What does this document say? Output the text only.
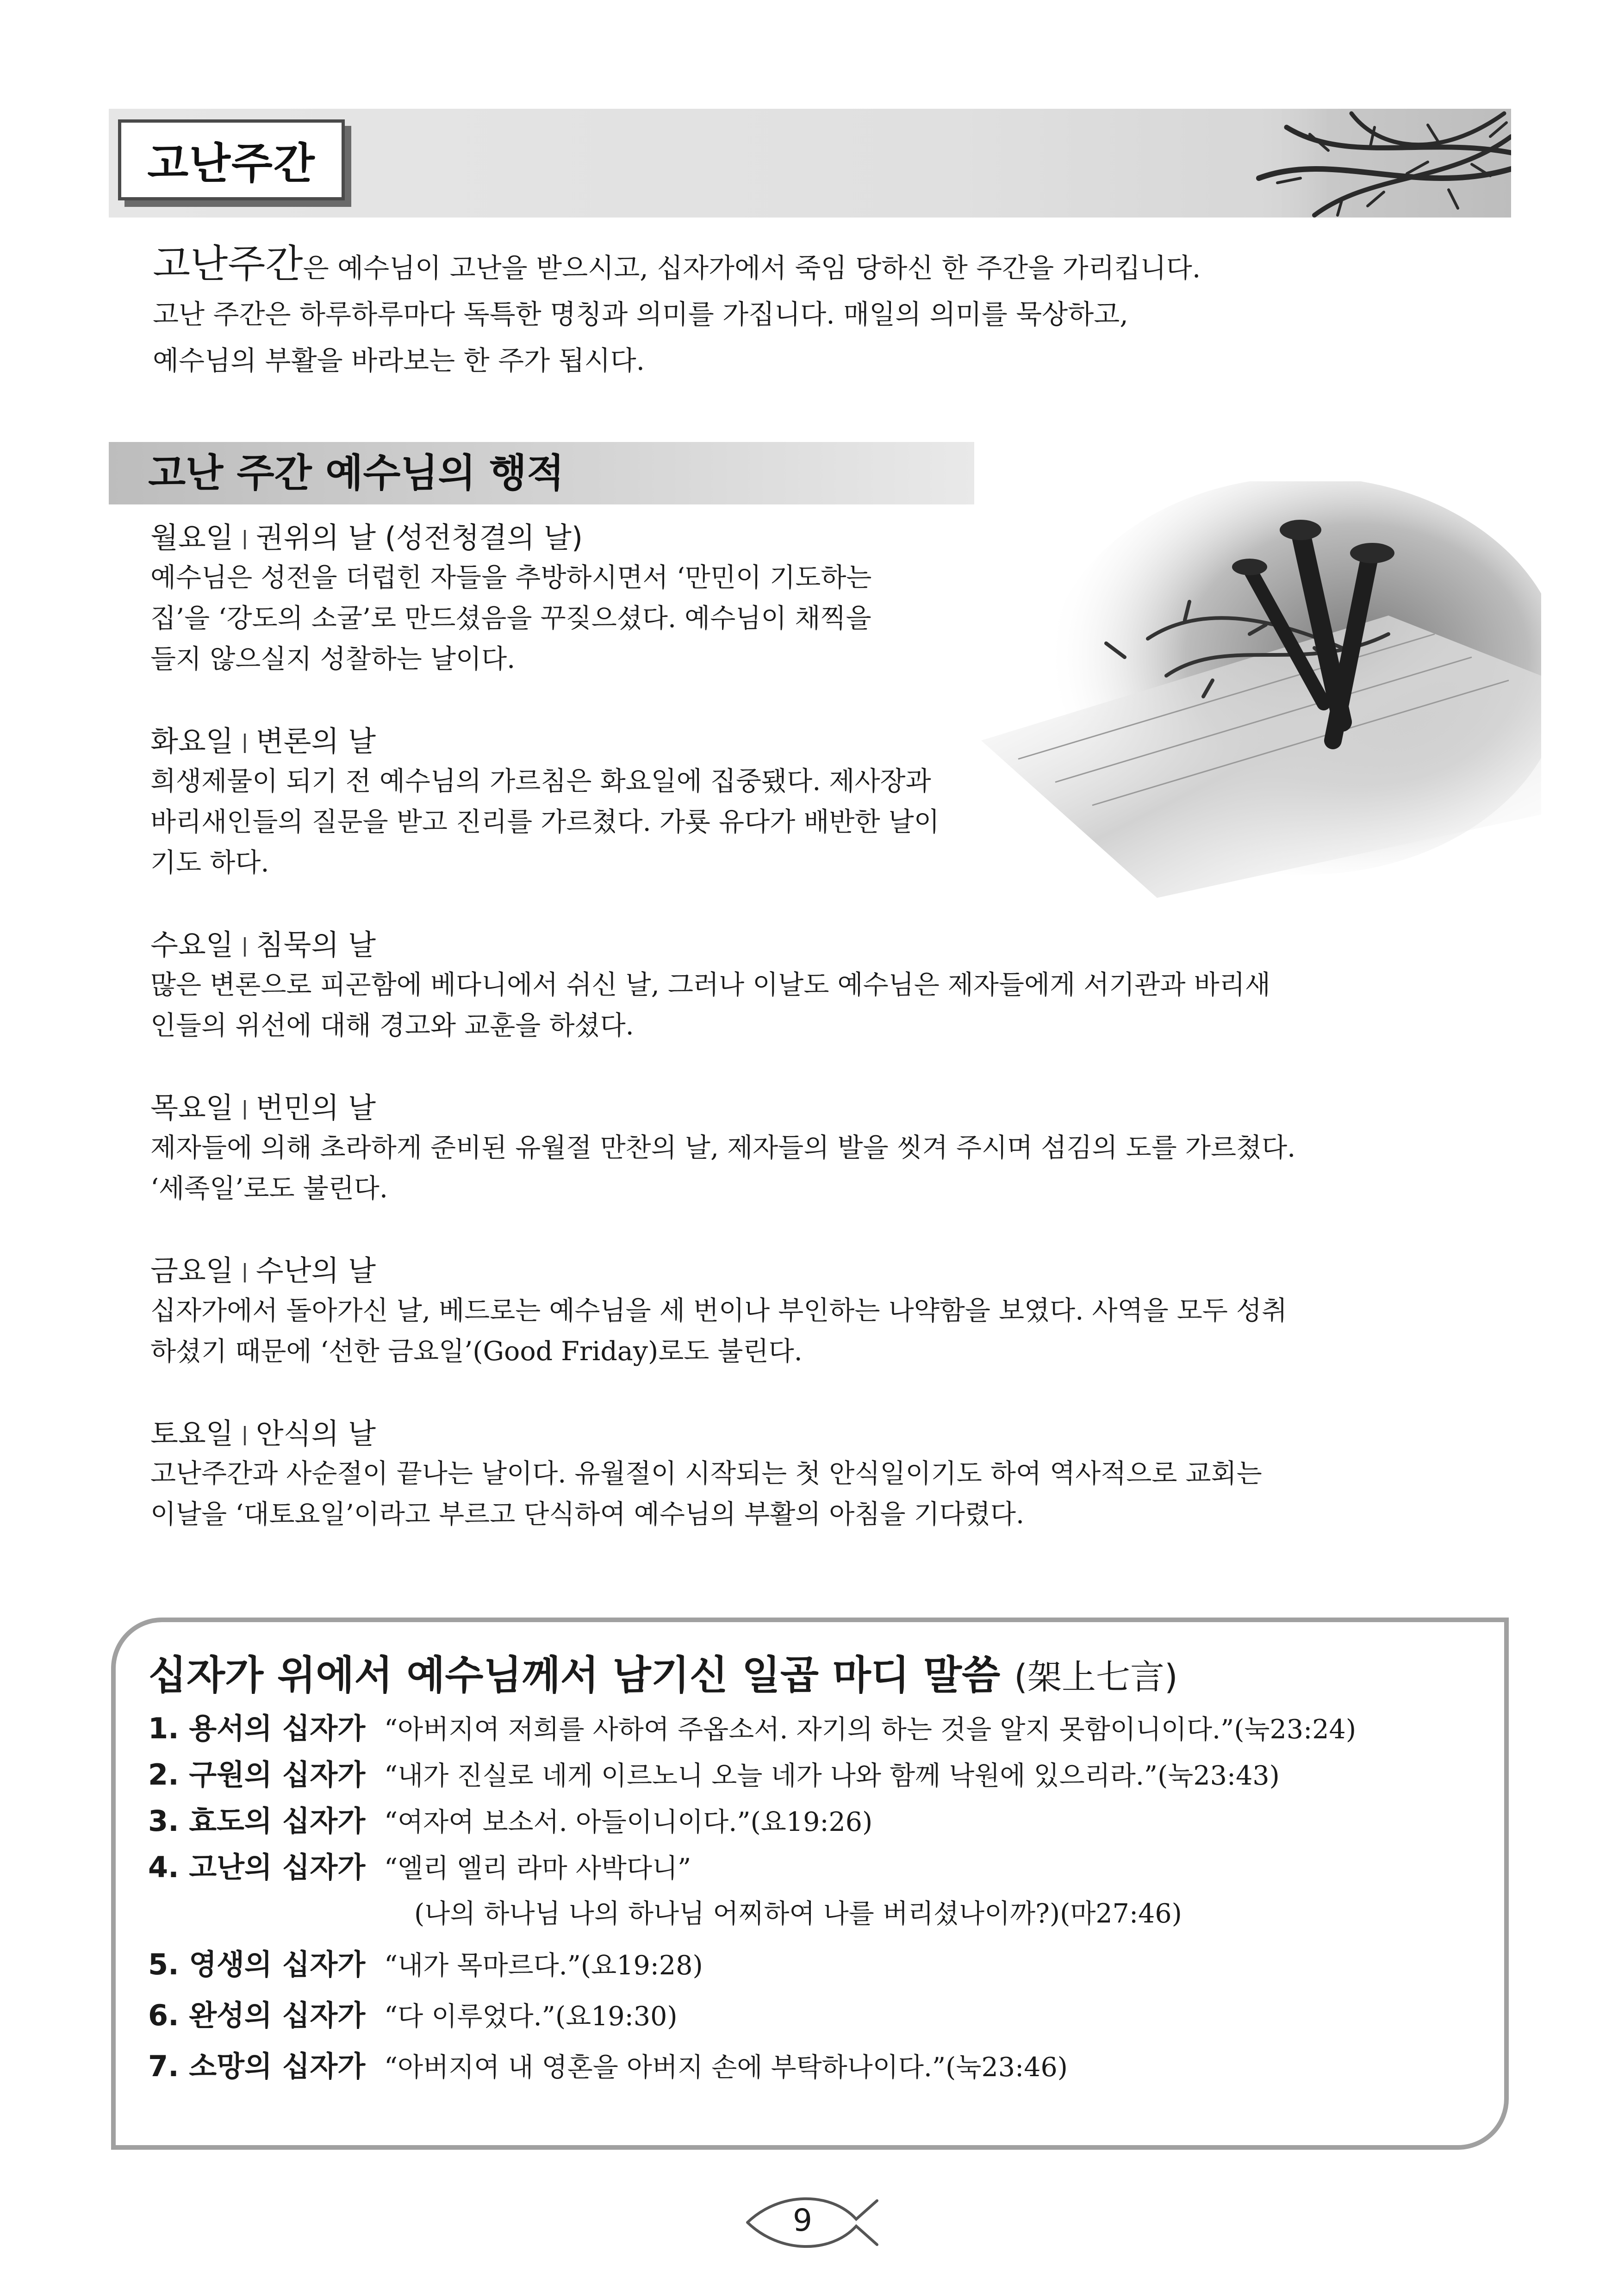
고난주간

고난주간은 예수님이 고난을 받으시고, 십자가에서 죽임 당하신 한 주간을 가리킵니다.

고난 주간은 하루하루마다 독특한 명칭과 의미를 가집니다. 매일의 의미를 묵상하고,

예수님의 부활을 바라보는 한 주가 됩시다.

고난 주간 예수님의 행적
월요일 권위의 날 (성전청결의 날)

예수님은 성전을 더럽힌 자들을 추방하시면서 ‘만민이 기도하는

집’을 ‘강도의 소굴’로 만드셨음을 꾸짖으셨다. 예수님이 채찍을

들지 않으실지 성찰하는 날이다.

화요일 변론의 날

희생제물이 되기 전 예수님의 가르침은 화요일에 집중됐다. 제사장과

바리새인들의 질문을 받고 진리를 가르쳤다. 가룟 유다가 배반한 날이

기도 하다.

수요일 침묵의 날

많은 변론으로 피곤함에 베다니에서 쉬신 날, 그러나 이날도 예수님은 제자들에게 서기관과 바리새

인들의 위선에 대해 경고와 교훈을 하셨다.

목요일 번민의 날

제자들에 의해 초라하게 준비된 유월절 만찬의 날, 제자들의 발을 씻겨 주시며 섬김의 도를 가르쳤다.

‘세족일’로도 불린다.

금요일 수난의 날

십자가에서 돌아가신 날, 베드로는 예수님을 세 번이나 부인하는 나약함을 보였다. 사역을 모두 성취

하셨기 때문에 ‘선한 금요일’(Good Friday)로도 불린다.

토요일 안식의 날

고난주간과 사순절이 끝나는 날이다. 유월절이 시작되는 첫 안식일이기도 하여 역사적으로 교회는

이날을 ‘대토요일’이라고 부르고 단식하여 예수님의 부활의 아침을 기다렸다.

십자가 위에서 예수님께서 남기신 일곱 마디 말씀 (架上七言)
1. 용서의 십자가 “아버지여 저희를 사하여 주옵소서. 자기의 하는 것을 알지 못함이니이다.”(눅23:24)
2. 구원의 십자가 “내가 진실로 네게 이르노니 오늘 네가 나와 함께 낙원에 있으리라.”(눅23:43)
3. 효도의 십자가 “여자여 보소서. 아들이니이다.”(요19:26)
4. 고난의 십자가 “엘리 엘리 라마 사박다니”
(나의 하나님 나의 하나님 어찌하여 나를 버리셨나이까?)(마27:46)
5. 영생의 십자가 “내가 목마르다.”(요19:28)
6. 완성의 십자가 “다 이루었다.”(요19:30)
7. 소망의 십자가 “아버지여 내 영혼을 아버지 손에 부탁하나이다.”(눅23:46)
9
